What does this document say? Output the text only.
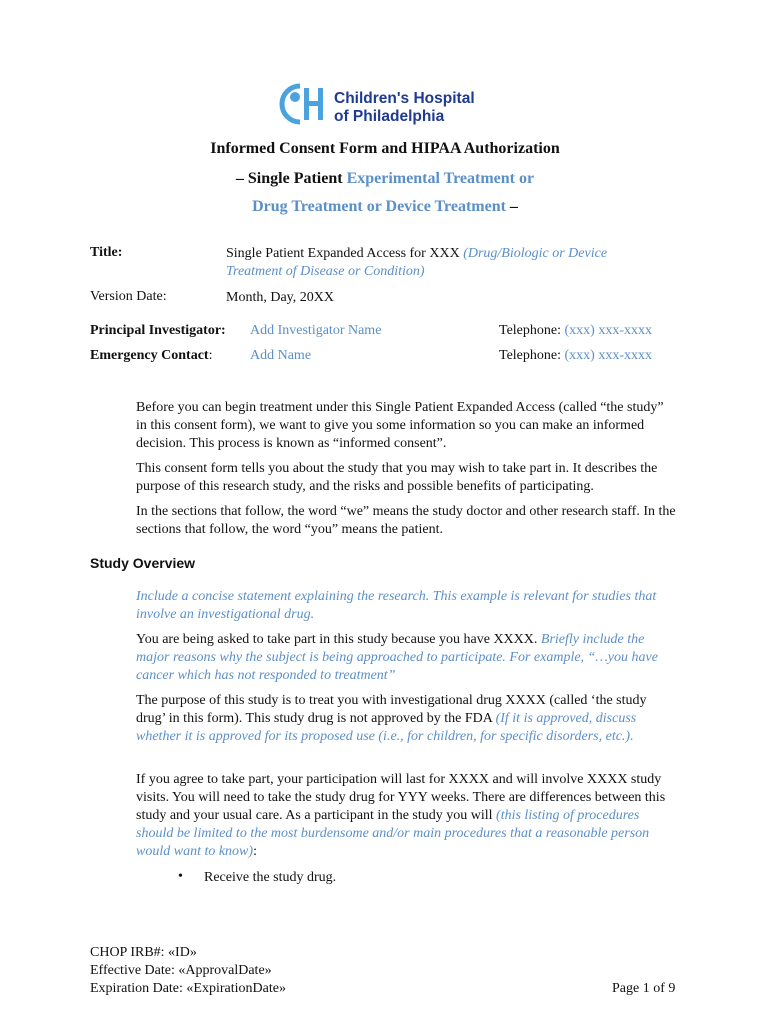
Children's Hospital
of Philadelphia
Informed Consent Form and HIPAA Authorization
– Single Patient Experimental Treatment or
Drug Treatment or Device Treatment –
Title:	Single Patient Expanded Access for XXX (Drug/Biologic or Device
Treatment of Disease or Condition)
Version Date:	Month, Day, 20XX
Principal Investigator: Add Investigator Name	Telephone: (xxx) xxx-xxxx
Emergency Contact:	Add Name	Telephone: (xxx) xxx-xxxx

Before you can begin treatment under this Single Patient Expanded Access (called “the study” in this consent form), we want to give you some information so you can make an informed decision. This process is known as “informed consent”.

This consent form tells you about the study that you may wish to take part in. It describes the purpose of this research study, and the risks and possible benefits of participating.

In the sections that follow, the word “we” means the study doctor and other research staff. In the sections that follow, the word “you” means the patient.

Study Overview

Include a concise statement explaining the research. This example is relevant for studies that involve an investigational drug.

You are being asked to take part in this study because you have XXXX. Briefly include the major reasons why the subject is being approached to participate. For example, “…you have cancer which has not responded to treatment”

The purpose of this study is to treat you with investigational drug XXXX (called ‘the study drug’ in this form). This study drug is not approved by the FDA (If it is approved, discuss whether it is approved for its proposed use (i.e., for children, for specific disorders, etc.).

If you agree to take part, your participation will last for XXXX and will involve XXXX study visits. You will need to take the study drug for YYY weeks. There are differences between this study and your usual care. As a participant in the study you will (this listing of procedures should be limited to the most burdensome and/or main procedures that a reasonable person would want to know):

• Receive the study drug.
CHOP IRB#: «ID»
Effective Date: «ApprovalDate»
Expiration Date: «ExpirationDate»	Page 1 of 9
